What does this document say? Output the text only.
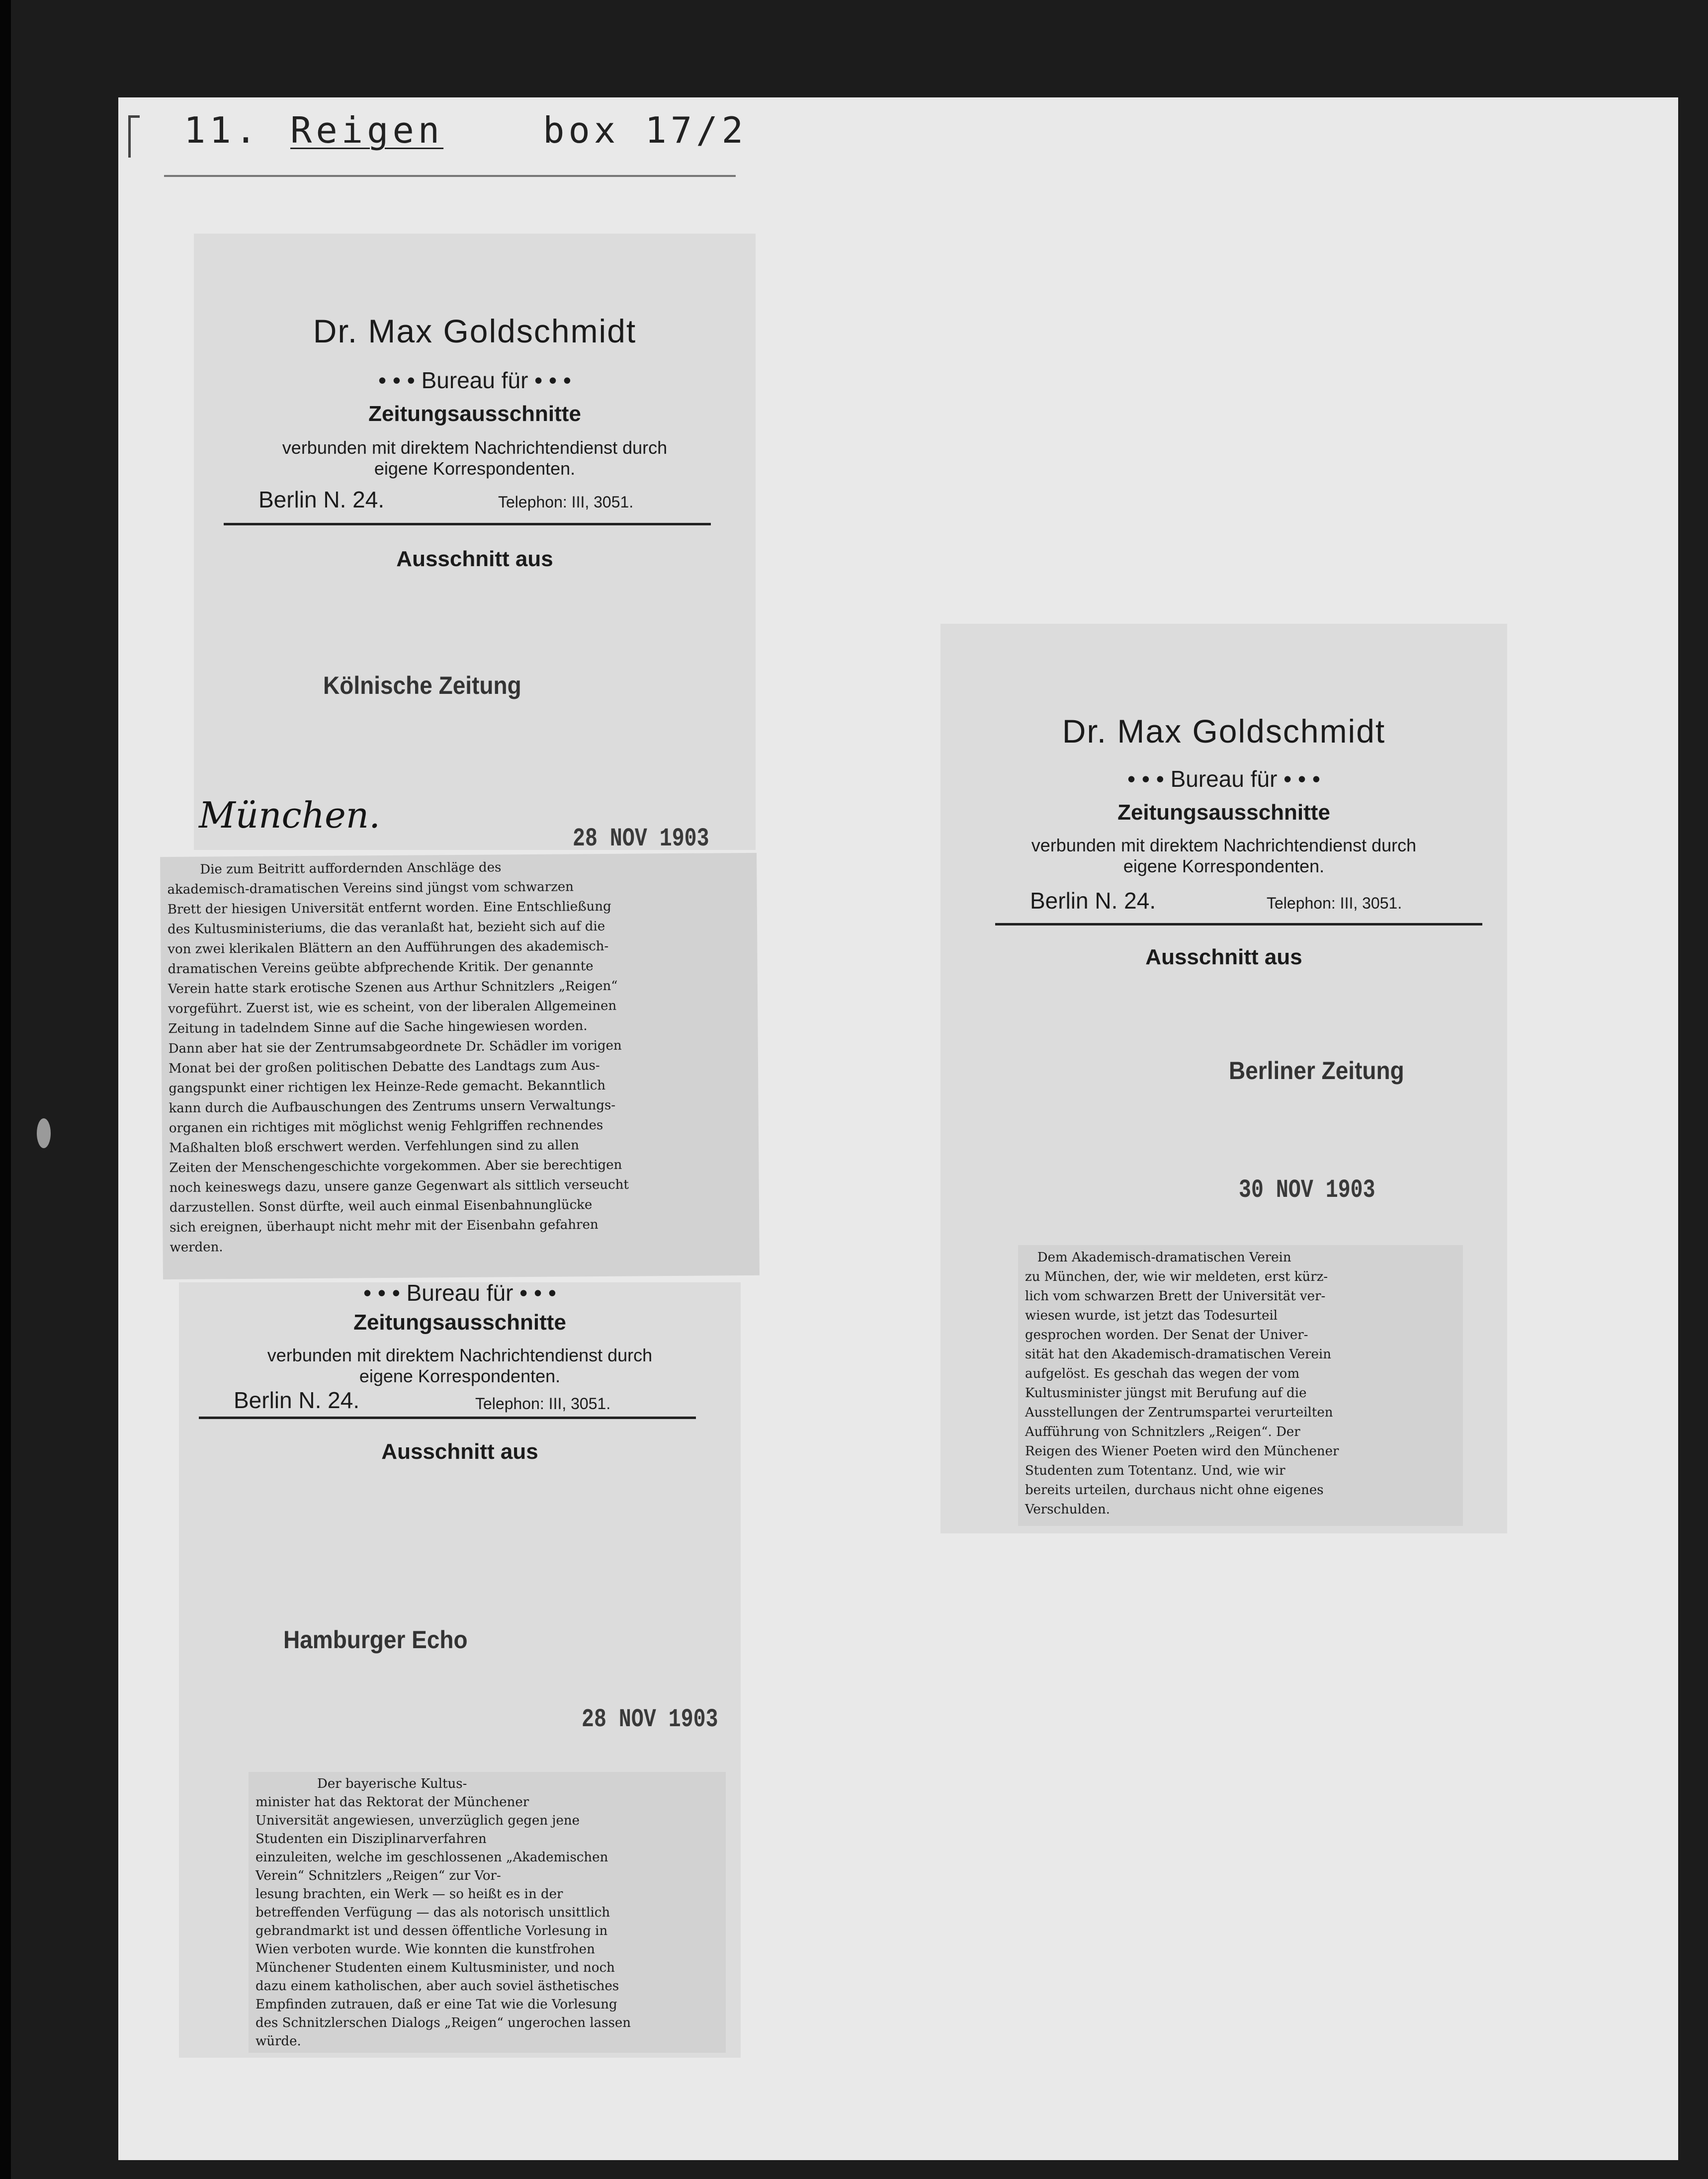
11. Reigen	box 17/2
Dr. Max Goldschmidt
• • • Bureau für • • •
Zeitungsausschnitte
verbunden mit direktem Nachrichtendienst durch
eigene Korrespondenten.
Berlin N. 24.	Telephon: III, 3051.
Ausschnitt aus
Kölnische Zeitung
28 NOV 1903
München.
Die zum Beitritt auffordernden Anschläge des
akademisch-dramatischen Vereins sind jüngst vom schwarzen
Brett der hiesigen Universität entfernt worden. Eine Entschließung
des Kultusministeriums, die das veranlaßt hat, bezieht sich auf die
von zwei klerikalen Blättern an den Aufführungen des akademisch-
dramatischen Vereins geübte abfprechende Kritik. Der genannte
Verein hatte stark erotische Szenen aus Arthur Schnitzlers „Reigen“
vorgeführt. Zuerst ist, wie es scheint, von der liberalen Allgemeinen
Zeitung in tadelndem Sinne auf die Sache hingewiesen worden.
Dann aber hat sie der Zentrumsabgeordnete Dr. Schädler im vorigen
Monat bei der großen politischen Debatte des Landtags zum Aus-
gangspunkt einer richtigen lex Heinze-Rede gemacht. Bekanntlich
kann durch die Aufbauschungen des Zentrums unsern Verwaltungs-
organen ein richtiges mit möglichst wenig Fehlgriffen rechnendes
Maßhalten bloß erschwert werden. Verfehlungen sind zu allen
Zeiten der Menschengeschichte vorgekommen. Aber sie berechtigen
noch keineswegs dazu, unsere ganze Gegenwart als sittlich verseucht
darzustellen. Sonst dürfte, weil auch einmal Eisenbahnunglücke
sich ereignen, überhaupt nicht mehr mit der Eisenbahn gefahren
werden.
• • • Bureau für • • •
Zeitungsausschnitte
verbunden mit direktem Nachrichtendienst durch
eigene Korrespondenten.
Berlin N. 24.	Telephon: III, 3051.
Ausschnitt aus
Hamburger Echo
28 NOV 1903
Der bayerische Kultus-
minister hat das Rektorat der Münchener
Universität angewiesen, unverzüglich gegen jene
Studenten ein Disziplinarverfahren
einzuleiten, welche im geschlossenen „Akademischen
Verein“ Schnitzlers „Reigen“ zur Vor-
lesung brachten, ein Werk — so heißt es in der
betreffenden Verfügung — das als notorisch unsittlich
gebrandmarkt ist und dessen öffentliche Vorlesung in
Wien verboten wurde. Wie konnten die kunstfrohen
Münchener Studenten einem Kultusminister, und noch
dazu einem katholischen, aber auch soviel ästhetisches
Empfinden zutrauen, daß er eine Tat wie die Vorlesung
des Schnitzlerschen Dialogs „Reigen“ ungerochen lassen
würde.
Dr. Max Goldschmidt
• • • Bureau für • • •
Zeitungsausschnitte
verbunden mit direktem Nachrichtendienst durch
eigene Korrespondenten.
Berlin N. 24.	Telephon: III, 3051.
Ausschnitt aus
Berliner Zeitung
30 NOV 1903
Dem Akademisch-dramatischen Verein
zu München, der, wie wir meldeten, erst kürz-
lich vom schwarzen Brett der Universität ver-
wiesen wurde, ist jetzt das Todesurteil
gesprochen worden. Der Senat der Univer-
sität hat den Akademisch-dramatischen Verein
aufgelöst. Es geschah das wegen der vom
Kultusminister jüngst mit Berufung auf die
Ausstellungen der Zentrumspartei verurteilten
Aufführung von Schnitzlers „Reigen“. Der
Reigen des Wiener Poeten wird den Münchener
Studenten zum Totentanz. Und, wie wir
bereits urteilen, durchaus nicht ohne eigenes
Verschulden.
